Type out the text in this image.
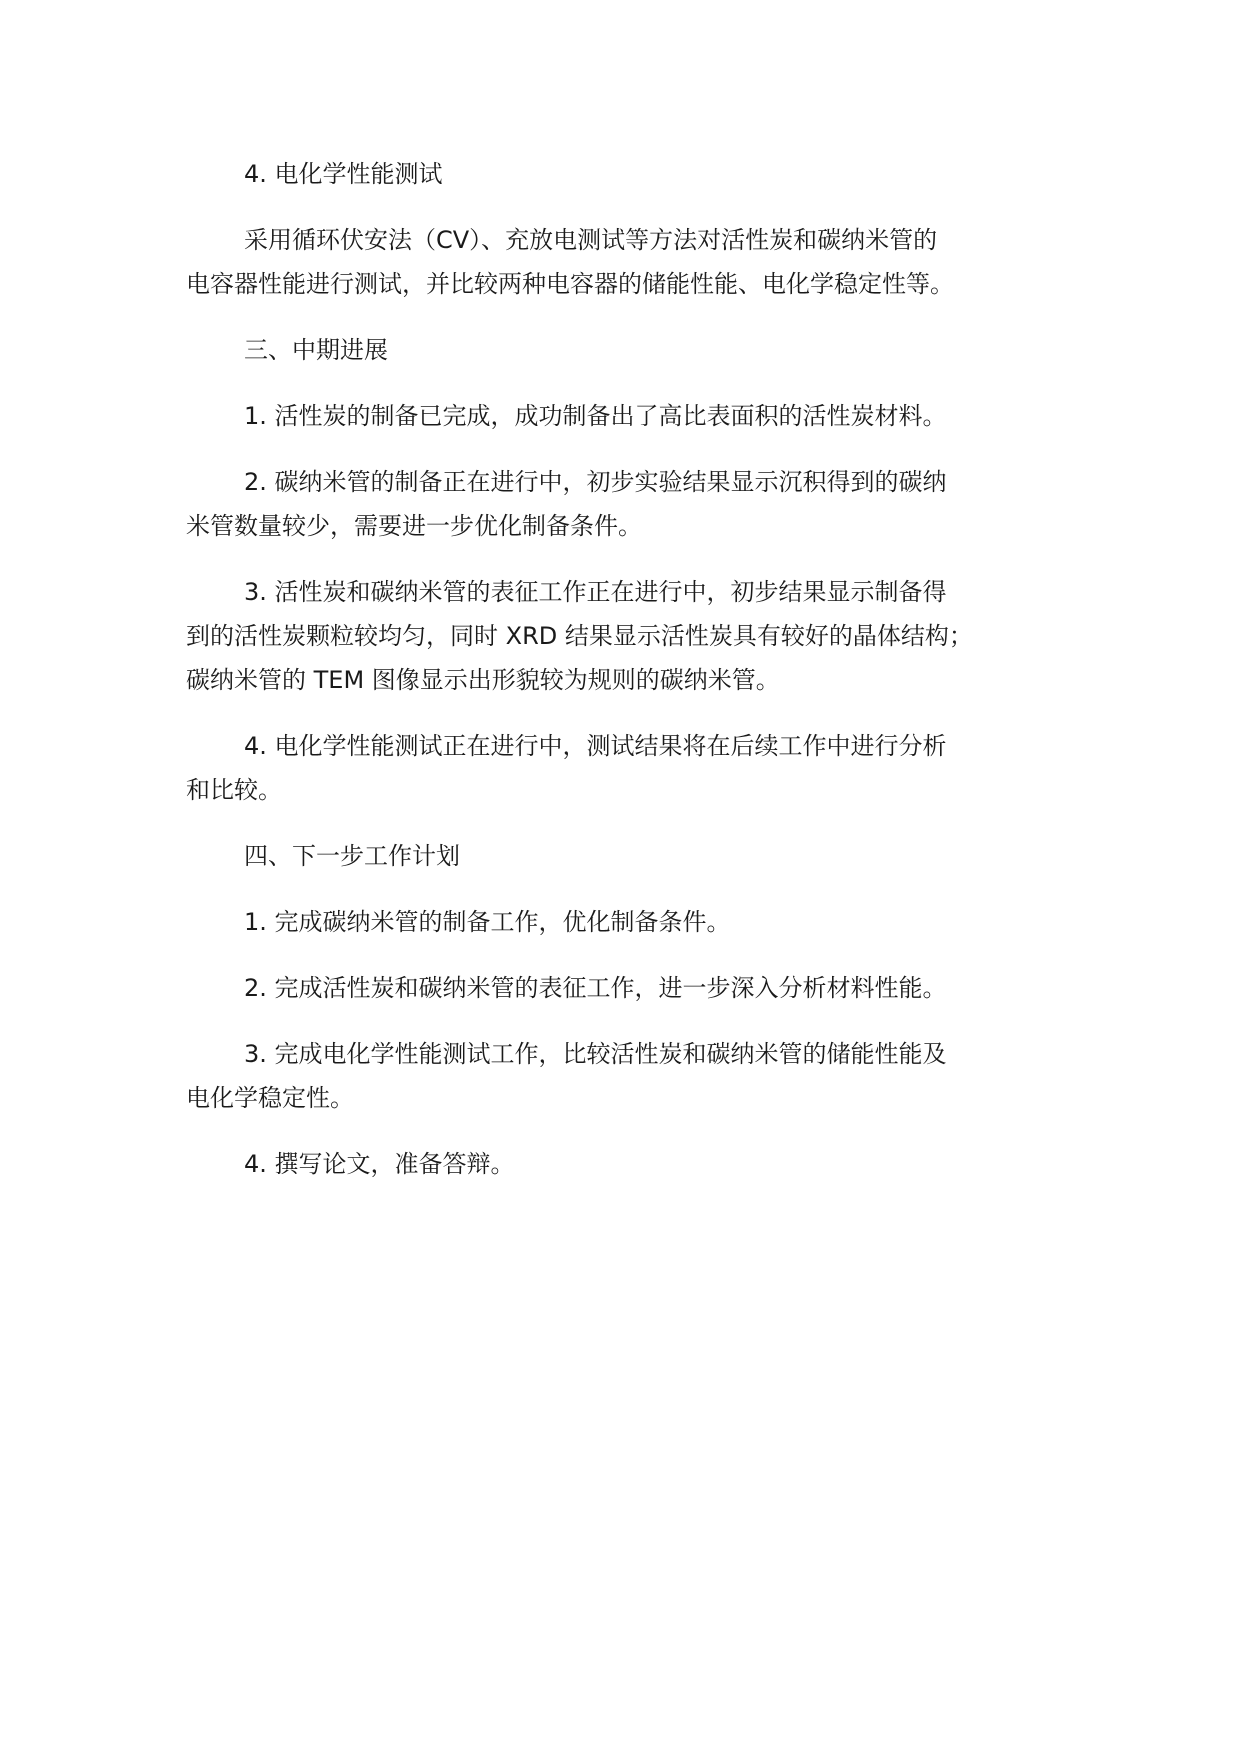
4. 电化学性能测试

采用循环伏安法（CV）、充放电测试等方法对活性炭和碳纳米管的
电容器性能进行测试，并比较两种电容器的储能性能、电化学稳定性等。

三、中期进展

1. 活性炭的制备已完成，成功制备出了高比表面积的活性炭材料。

2. 碳纳米管的制备正在进行中，初步实验结果显示沉积得到的碳纳
米管数量较少，需要进一步优化制备条件。

3. 活性炭和碳纳米管的表征工作正在进行中，初步结果显示制备得
到的活性炭颗粒较均匀，同时 XRD 结果显示活性炭具有较好的晶体结构；
碳纳米管的 TEM 图像显示出形貌较为规则的碳纳米管。

4. 电化学性能测试正在进行中，测试结果将在后续工作中进行分析
和比较。

四、下一步工作计划

1. 完成碳纳米管的制备工作，优化制备条件。

2. 完成活性炭和碳纳米管的表征工作，进一步深入分析材料性能。

3. 完成电化学性能测试工作，比较活性炭和碳纳米管的储能性能及
电化学稳定性。

4. 撰写论文，准备答辩。
